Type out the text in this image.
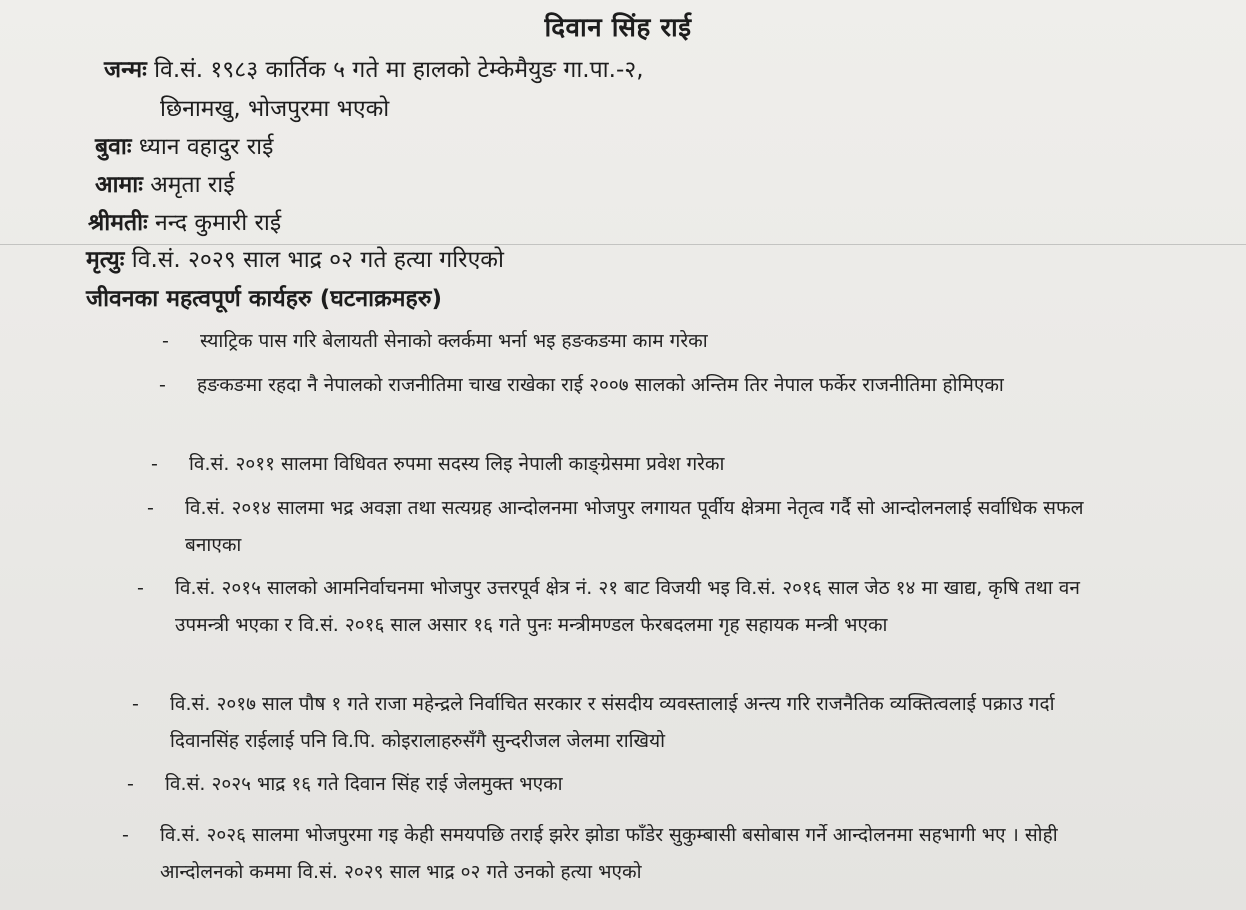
दिवान सिंह राई
जन्मः वि.सं. १९८३ कार्तिक ५ गते मा हालको टेम्केमैयुङ गा.पा.-२,
छिनामखु, भोजपुरमा भएको
बुवाः ध्यान वहादुर राई
आमाः अमृता राई
श्रीमतीः नन्द कुमारी राई
मृत्युः वि.सं. २०२९ साल भाद्र ०२ गते हत्या गरिएको
जीवनका महत्वपूर्ण कार्यहरु (घटनाक्रमहरु)
- स्याट्रिक पास गरि बेलायती सेनाको क्लर्कमा भर्ना भइ हङकङमा काम गरेका
- हङकङमा रहदा नै नेपालको राजनीतिमा चाख राखेका राई २००७ सालको अन्तिम तिर नेपाल फर्केर राजनीतिमा होमिएका
- वि.सं. २०११ सालमा विधिवत रुपमा सदस्य लिइ नेपाली काङ्ग्रेसमा प्रवेश गरेका
- वि.सं. २०१४ सालमा भद्र अवज्ञा तथा सत्यग्रह आन्दोलनमा भोजपुर लगायत पूर्वीय क्षेत्रमा नेतृत्व गर्दै सो आन्दोलनलाई सर्वाधिक सफल बनाएका
- वि.सं. २०१५ सालको आमनिर्वाचनमा भोजपुर उत्तरपूर्व क्षेत्र नं. २१ बाट विजयी भइ वि.सं. २०१६ साल जेठ १४ मा खाद्य, कृषि तथा वन उपमन्त्री भएका र वि.सं. २०१६ साल असार १६ गते पुनः मन्त्रीमण्डल फेरबदलमा गृह सहायक मन्त्री भएका
- वि.सं. २०१७ साल पौष १ गते राजा महेन्द्रले निर्वाचित सरकार र संसदीय व्यवस्तालाई अन्त्य गरि राजनैतिक व्यक्तित्वलाई पक्राउ गर्दा दिवानसिंह राईलाई पनि वि.पि. कोइरालाहरुसँगै सुन्दरीजल जेलमा राखियो
- वि.सं. २०२५ भाद्र १६ गते दिवान सिंह राई जेलमुक्त भएका
- वि.सं. २०२६ सालमा भोजपुरमा गइ केही समयपछि तराई झरेर झोडा फाँडेर सुकुम्बासी बसोबास गर्ने आन्दोलनमा सहभागी भए । सोही आन्दोलनको कममा वि.सं. २०२९ साल भाद्र ०२ गते उनको हत्या भएको
